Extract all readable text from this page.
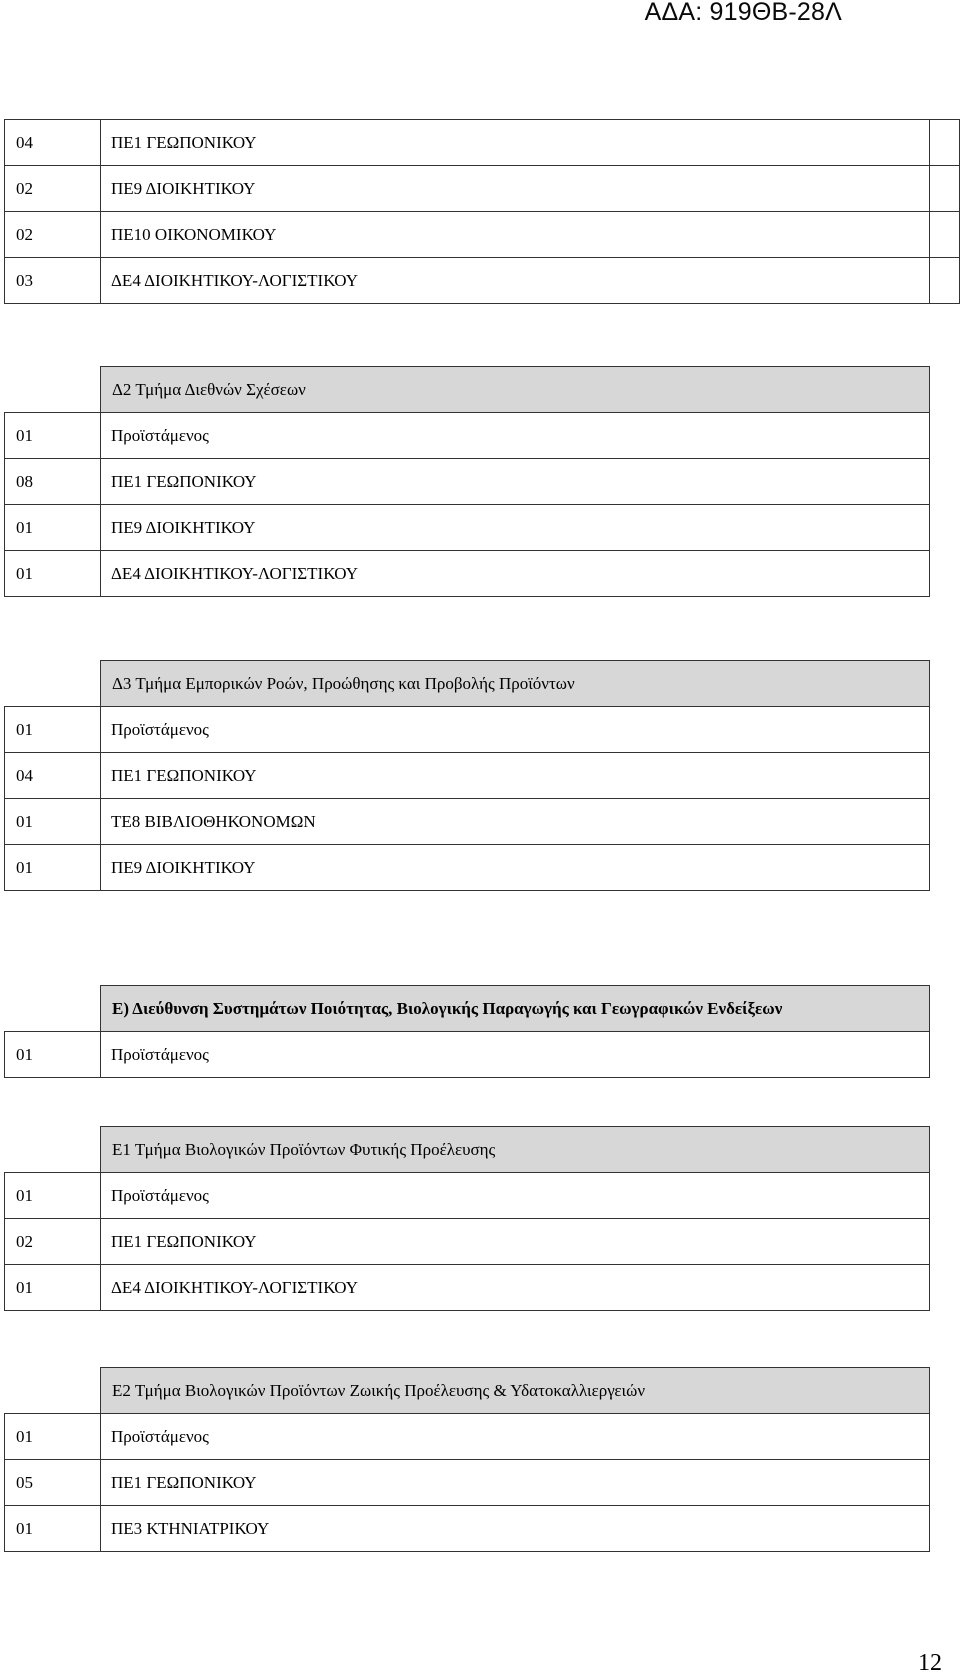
ΑΔΑ: 919ΘΒ-28Λ
04	ΠΕ1 ΓΕΩΠΟΝΙΚΟΥ	
02	ΠΕ9 ΔΙΟΙΚΗΤΙΚΟΥ	
02	ΠΕ10 ΟΙΚΟΝΟΜΙΚΟΥ	
03	ΔΕ4 ΔΙΟΙΚΗΤΙΚΟΥ-ΛΟΓΙΣΤΙΚΟΥ	
	Δ2 Τμήμα Διεθνών Σχέσεων
01	Προϊστάμενος
08	ΠΕ1 ΓΕΩΠΟΝΙΚΟΥ
01	ΠΕ9 ΔΙΟΙΚΗΤΙΚΟΥ
01	ΔΕ4 ΔΙΟΙΚΗΤΙΚΟΥ-ΛΟΓΙΣΤΙΚΟΥ
	Δ3 Τμήμα Εμπορικών Ροών, Προώθησης και Προβολής Προϊόντων
01	Προϊστάμενος
04	ΠΕ1 ΓΕΩΠΟΝΙΚΟΥ
01	ΤΕ8 ΒΙΒΛΙΟΘΗΚΟΝΟΜΩΝ
01	ΠΕ9 ΔΙΟΙΚΗΤΙΚΟΥ
	Ε) Διεύθυνση Συστημάτων Ποιότητας, Βιολογικής Παραγωγής και Γεωγραφικών Ενδείξεων
01	Προϊστάμενος
	Ε1 Τμήμα Βιολογικών Προϊόντων Φυτικής Προέλευσης
01	Προϊστάμενος
02	ΠΕ1 ΓΕΩΠΟΝΙΚΟΥ
01	ΔΕ4 ΔΙΟΙΚΗΤΙΚΟΥ-ΛΟΓΙΣΤΙΚΟΥ
	Ε2 Τμήμα Βιολογικών Προϊόντων Ζωικής Προέλευσης & Υδατοκαλλιεργειών
01	Προϊστάμενος
05	ΠΕ1 ΓΕΩΠΟΝΙΚΟΥ
01	ΠΕ3 ΚΤΗΝΙΑΤΡΙΚΟΥ
12
